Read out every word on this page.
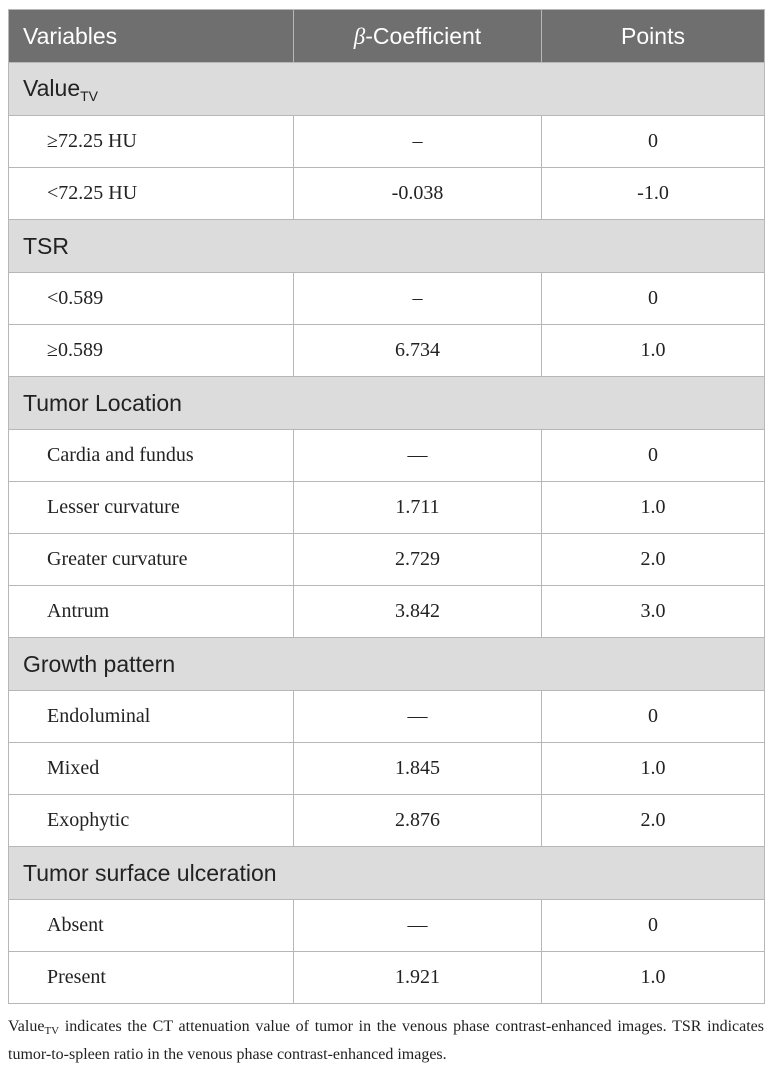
Variables	β-Coefficient	Points
Value$_{TV}$
≥72.25 HU	–	0
<72.25 HU	-0.038	-1.0
TSR		
<0.589	–	0
≥0.589	6.734	1.0
Tumor Location		
Cardia and fundus	—	0
Lesser curvature	1.711	1.0
Greater curvature	2.729	2.0
Antrum	3.842	3.0
Growth pattern		
Endoluminal	—	0
Mixed	1.845	1.0
Exophytic	2.876	2.0
Tumor surface ulceration		
Absent	—	0
Present	1.921	1.0
Value$_{TV}$ indicates the CT attenuation value of tumor in the venous phase contrast-enhanced images. TSR indicates tumor-to-spleen ratio in the venous phase contrast-enhanced images.
